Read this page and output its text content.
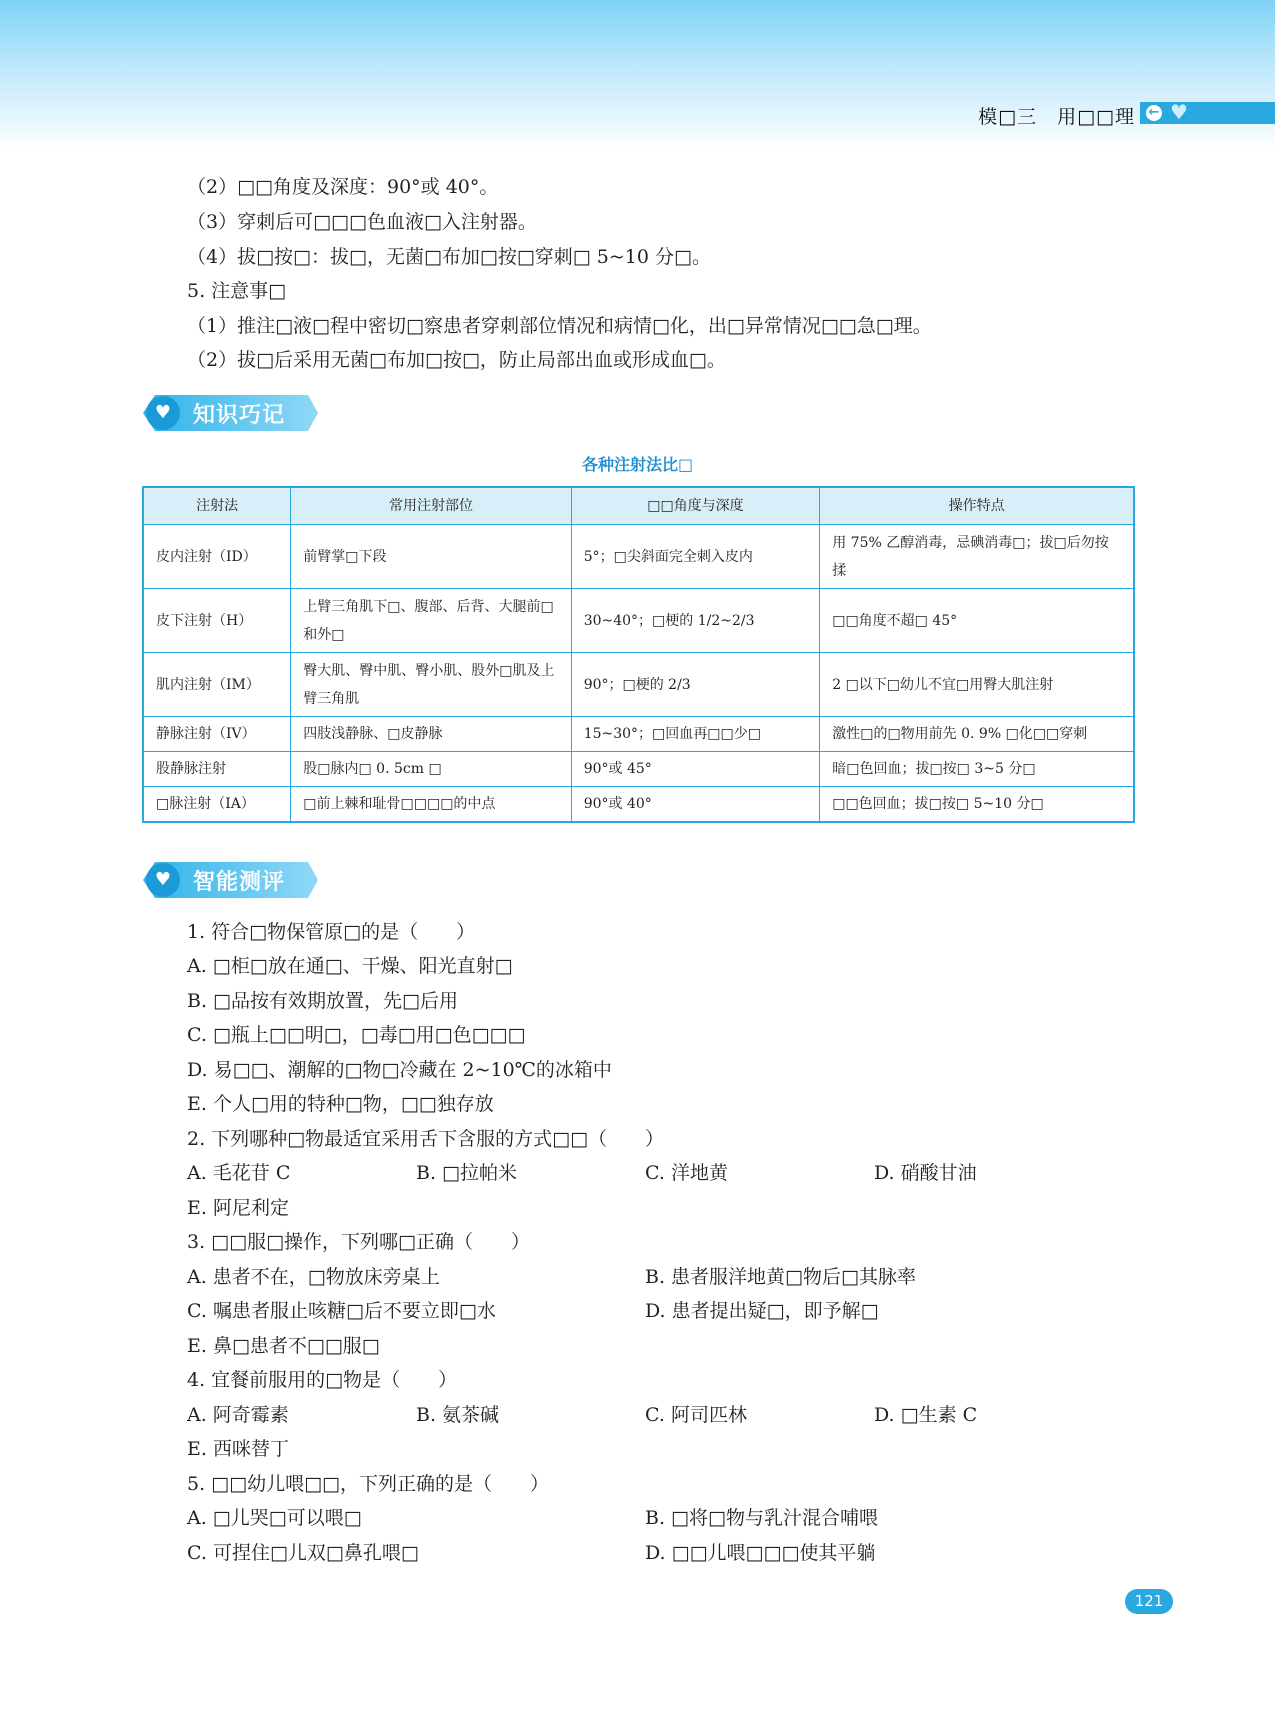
模□三　用□□理 ← ♥
（2）□□角度及深度：90°或 40°。
（3）穿刺后可□□□色血液□入注射器。
（4）拔□按□：拔□，无菌□布加□按□穿刺□ 5~10 分□。
5. 注意事□
（1）推注□液□程中密切□察患者穿刺部位情况和病情□化，出□异常情况□□急□理。
（2）拔□后采用无菌□布加□按□，防止局部出血或形成血□。
♥ 知识巧记
各种注射法比□
注射法	常用注射部位	□□角度与深度	操作特点
皮内注射（ID）	前臂掌□下段	5°；□尖斜面完全刺入皮内	用 75% 乙醇消毒，忌碘消毒□；拔□后勿按揉
皮下注射（H）	上臂三角肌下□、腹部、后背、大腿前□和外□	30~40°；□梗的 1/2~2/3	□□角度不超□ 45°
肌内注射（IM）	臀大肌、臀中肌、臀小肌、股外□肌及上臂三角肌	90°；□梗的 2/3	2 □以下□幼儿不宜□用臀大肌注射
静脉注射（IV）	四肢浅静脉、□皮静脉	15~30°；□回血再□□少□	激性□的□物用前先 0. 9% □化□□穿刺
股静脉注射	股□脉内□ 0. 5cm □	90°或 45°	暗□色回血；拔□按□ 3~5 分□
□脉注射（IA）	□前上棘和耻骨□□□□的中点	90°或 40°	□□色回血；拔□按□ 5~10 分□
♥ 智能测评
1. 符合□物保管原□的是（　　）
A. □柜□放在通□、干燥、阳光直射□
B. □品按有效期放置，先□后用
C. □瓶上□□明□，□毒□用□色□□□
D. 易□□、潮解的□物□冷藏在 2~10℃的冰箱中
E. 个人□用的特种□物，□□独存放
2. 下列哪种□物最适宜采用舌下含服的方式□□（　　）
A. 毛花苷 C	B. □拉帕米	C. 洋地黄	D. 硝酸甘油
E. 阿尼利定
3. □□服□操作，下列哪□正确（　　）
A. 患者不在，□物放床旁桌上	B. 患者服洋地黄□物后□其脉率
C. 嘱患者服止咳糖□后不要立即□水	D. 患者提出疑□，即予解□
E. 鼻□患者不□□服□
4. 宜餐前服用的□物是（　　）
A. 阿奇霉素	B. 氨茶碱	C. 阿司匹林	D. □生素 C
E. 西咪替丁
5. □□幼儿喂□□，下列正确的是（　　）
A. □儿哭□可以喂□	B. □将□物与乳汁混合哺喂
C. 可捏住□儿双□鼻孔喂□	D. □□儿喂□□□使其平躺
121
